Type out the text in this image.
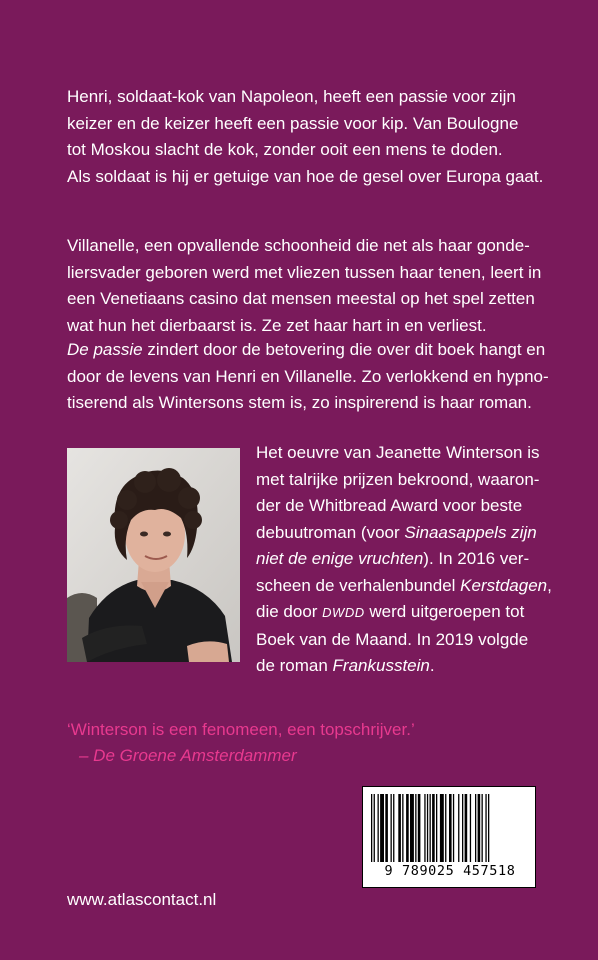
Henri, soldaat-kok van Napoleon, heeft een passie voor zijn
keizer en de keizer heeft een passie voor kip. Van Boulogne
tot Moskou slacht de kok, zonder ooit een mens te doden.
Als soldaat is hij er getuige van hoe de gesel over Europa gaat.
Villanelle, een opvallende schoonheid die net als haar gonde-
liersvader geboren werd met vliezen tussen haar tenen, leert in
een Venetiaans casino dat mensen meestal op het spel zetten
wat hun het dierbaarst is. Ze zet haar hart in en verliest.
De passie zindert door de betovering die over dit boek hangt en
door de levens van Henri en Villanelle. Zo verlokkend en hypno-
tiserend als Wintersons stem is, zo inspirerend is haar roman.
Het oeuvre van Jeanette Winterson is
met talrijke prijzen bekroond, waaron-
der de Whitbread Award voor beste
debuutroman (voor Sinaasappels zijn
niet de enige vruchten). In 2016 ver-
scheen de verhalenbundel Kerstdagen,
die door DWDD werd uitgeroepen tot
Boek van de Maand. In 2019 volgde
de roman Frankusstein.
‘Winterson is een fenomeen, een topschrijver.’
– De Groene Amsterdammer
9 789025 457518
www.atlascontact.nl
